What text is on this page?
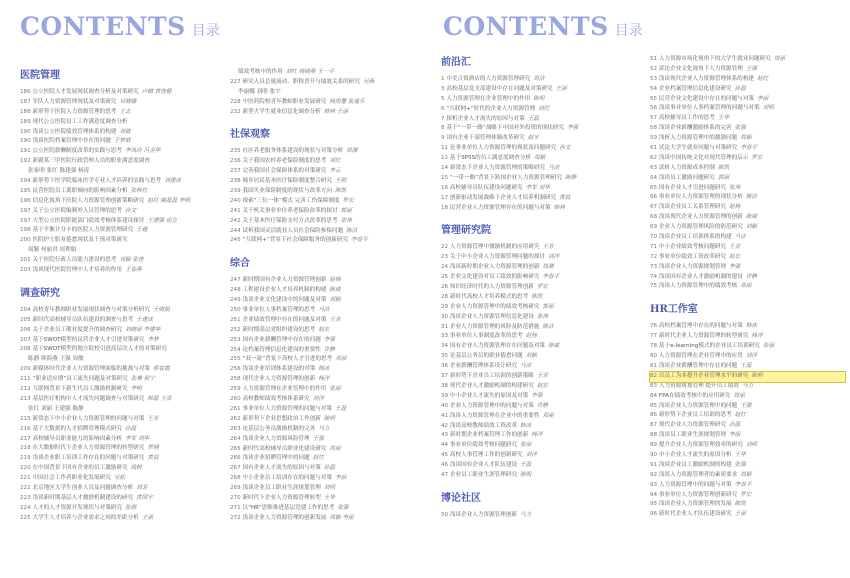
CONTENTS 目录
医院管理
186 公立医院人才发展现状调查分析及对策研究 卢鹤 黄佳健
187 军队人力资源管理现状及对策研究 吴晓娜
188 新形势下医院人力资源管理的思考 王志
189 现代公立医院员工工作满意度调查分析
190 浅谈公立医院绩效管理体系的构建 刘敏
190 浅谈医院档案管理中存在的问题 于梦晗
191 公立医院薪酬制度改革的实践与思考 李凤玲 冯金华
192 新疆某三甲医院行政管理人员的职业满意度调查
张家明 张红 陈建强 杨涛
194 新形势下医学院临床医学专业人才培养的实践与思考 刘建成
195 民营医院员工离职倾向的影响因素分析 张秋红
196 信息化视角下医院人力资源管理创新策略研究 赵红 姚磊磊 李明
197 关于公立医院编制外人员管理的思考 孙文
197 大型公立医院职能部门绩效考核体系建设探讨 王建强 徐立
198 基于平衡计分卡的医院人力资源管理研究 王越
200 医院护士职业倦怠现状及干预对策研究
周颖 何丽君 周利娟
201 关于医院行政人员能力建设的思考 刘颖 张佳
203 浅谈现代医院管理中人才培养的作用 王春燕
调查研究
204 高校青年教师职业发展现状调查与对策分析研究 王晓娟
205 新时代高校辅导员队伍建设的调查与思考 王建成
206 关于企业员工敬业度提升的调查研究 刘晓丽 李建华
207 基于SWOT模型的民营企业人才引进对策研究 李梦
208 基于SWOT模型的地方院校引进高层次人才的对策研究
陈静 韩海燕 王强 周敏
209 新媒体时代企业人力资源管理面临的挑战与对策 蔡春霞
211 “职业适应期”员工流失问题及对策研究 张琳 侯宁
212 互联网背景下新生代员工激励机制研究 李明
213 基层医疗机构中人才流失问题调查与对策研究 韩磊 王浩
张红 刘丽 王建强 陈静
215 新常态下中小企业人力资源管理的问题与对策 王芳
216 基于大数据的人才招聘管理模式研究 孙磊
217 高校辅导员职业能力的影响因素分析 李军 刘华
218 在大数据时代下企业人力资源管理的转型研究 罗晓
219 浅谈企业职工培训工作存在的问题与对策研究 黄晨
220 在中国背景下国有企业的员工激励研究 钱树
221 中国社会工作者职业化发展研究 吴松
222 北京地区大学生创业人员及问题调查分析 刘芳
223 浅谈新时期基层人才激励机制建设的研究 黄国宇
224 人才的人才资源开发现状与对策研究 张晓
225 大学生人才培养与企业需求之间的差距分析 王丽
绩效考核中的作用 刘红 杨晓燕 王一平
227 研究人员总量流动、职称晋升与绩效关系的研究 吴燕
李丽娜 刘明 张宇
228 中医药院校青年教师职业发展研究 杨雨馨 张道乐
232 新型大学生就业信息化调查分析 韩林 王丽
社保观察
235 社区养老服务体系建设的现状与对策分析 周渊
236 关于我国农村养老保险制度的思考 刘红
237 完善我国社会保障体系的对策研究 李云
238 城乡居民基本医疗保险制度整合研究 王明
239 我国失业保险制度的现状与改革方向 陈凯
240 探索“三位一体”模式 完善工伤保障制度 罗宏
241 关于机关事业单位养老保险改革的探讨 郭丽
242 关于基本医疗保险支付方式改革的思考 张伟
244 试析我国灵活就业人员社会保险参保问题 陈洁
245 “互联网+”背景下社会保障服务的创新研究 李春平
综合
247 新时期国有企业人力资源管理创新 赵杨
248 工程建设企业人才培养机制的构建 陈威
249 浅谈企业文化建设中的问题及对策 刘颖
250 事业单位人事档案管理的思考 马洁
251 企业绩效管理中存在的问题及对策 王芳
252 新时期基层党组织建设的思考 赵宏
253 国有企业薪酬管理中存在的问题 李强
254 论档案管理信息化建设的重要性 许静
255 “双一流”背景下高校人才引进的思考 邓丽
256 浅谈企业培训体系建设的对策 韩冰
258 现代企业人力资源管理的创新 杨洋
259 人力资源管理在企业管理中的作用 张丽
260 高校教师绩效考核体系研究 刘洋
261 事业单位人力资源管理的问题与对策 王磊
262 新形势下企业思想政治工作创新 陈明
263 论基层公务员激励机制的完善 马力
264 浅谈企业人力资源风险管理 王强
265 新时代高校辅导员职业化建设研究 周丽
266 浅谈企业招聘管理中的问题 赵红
267 国有企业人才流失的原因与对策 孙磊
268 中小企业员工培训存在的问题与对策 李丽
269 浅谈企业员工职业生涯规划管理 刘明
270 新时代下企业人力资源管理转型 王华
271 以“HR”思维推进基层党建工作的思考 张强
272 浅谈企业人力资源管理的创新发展 周颖 李丽
CONTENTS 目录
前沿汇
1 中美合资酒店的人力资源管理研究 周洁
3 高校基层党支部建设中存在问题及对策研究 王丽
5 人力资源管理在企业管理中的作用 陈明
6 “互联网+”时代的企业人力资源管理 刘红
7 探析企业人才流失的原因与对策 王磊
8 基于“一带一路”战略下中国对外投资的现状研究 李强
9 国有企业干部管理体制改革研究 赵宇
11 论事业单位人力资源管理的现状及问题研究 孙文
12 基于SPSS的员工满意度调查分析 周颖
14 新常态下企业人力资源管理的策略研究 马洁
15 “一带一路”背景下跨国企业人力资源管理研究 陈静
16 高校辅导员队伍建设问题研究 李军 刘华
17 创新驱动发展战略下企业人才培养机制研究 黄晨
18 民营企业人力资源管理存在的问题与对策 韩林
管理研究院
22 人力资源管理中激励机制的应用研究 王芳
23 关于中小企业人力资源管理问题的探讨 刘洋
24 浅谈新时期企业人力资源管理的创新 周渊
25 企业文化建设对员工绩效的影响研究 李春平
26 知识经济时代的人力资源管理创新 罗宏
28 新时代高校人才培养模式的思考 陈凯
29 企业人力资源管理中的绩效考核研究 郭丽
30 浅谈企业人力资源管理信息化建设 张伟
31 企业人力资源管理的风险及防范措施 陈洁
33 事业单位人事制度改革的思考 赵杨
34 国有企业人力资源管理存在问题及对策 陈威
35 论基层公务员的职业倦怠问题 刘颖
36 企业薪酬管理体系设计研究 马洁
37 新形势下企业员工培训的创新策略 王芳
38 现代企业人才激励机制的构建研究 赵宏
39 中小企业人才流失的原因及对策 李强
40 企业人力资源管理中的问题与对策 许静
41 浅谈人力资源管理在企业中的重要性 邓丽
42 浅谈高校教师绩效工资改革 韩冰
43 新时期企业档案管理工作的创新 杨洋
44 事业单位绩效考核问题研究 张丽
45 高校人事管理工作的创新研究 刘洋
46 浅谈国有企业人才队伍建设 王磊
47 企业员工职业生涯管理研究 陈明
博论社区
50 浅谈企业人力资源管理创新 马力
51 人力资源市场化视角下的大学生就业问题研究 周丽
52 试论企业文化视角下人力资源管理 王强
53 浅谈现代企业人力资源管理体系的构建 赵红
54 企业档案管理信息化建设研究 孙磊
55 民营企业文化建设中存在的问题与对策 李丽
56 浅谈事业单位人事档案管理的问题与对策 刘明
57 高校辅导员工作的思考 王华
58 浅谈企业薪酬激励体系的完善 张强
59 浅析人力资源管理中的激励问题 周颖
61 试论大学生就业问题与对策研究 李春平
62 浅谈中国传统文化对现代管理的启示 罗宏
63 试析人力资源成本控制 陈凯
64 浅谈员工激励问题研究 郭丽
65 国有企业人才引进问题研究 张伟
66 事业单位人力资源管理的现状分析 陈洁
67 浅谈企业员工关系管理研究 赵杨
68 浅谈现代企业人力资源管理的创新 陈威
69 企业人力资源管理风险的防范研究 刘颖
70 浅谈企业员工培训体系的构建 马洁
71 中小企业绩效考核问题研究 王芳
72 事业单位绩效工资改革研究 赵宏
73 浅谈企业人力资源规划管理 李强
74 浅谈国有企业人才激励机制的建设 许静
75 浅谈人力资源管理中的绩效考核 邓丽
HR工作室
76 高校档案管理中存在的问题与对策 韩冰
77 新时代企业人力资源管理的转型研究 杨洋
78 基于e-learning模式的企业员工培训研究 张丽
80 人力资源管理在企业管理中的应用 刘洋
81 浅谈企业薪酬管理中存在的问题 王磊
82 以员工为本提升企业管理水平的研究 陈明
83 人力资源规划管理 提升员工绩效 马力
84 FPA在绩效考核中的应用研究 周丽
85 浅谈企业人力资源管理中的问题 王强
86 新形势下企业员工培训的思考 赵红
87 现代企业人力资源管理研究 孙磊
88 浅谈员工职业生涯规划管理 李丽
89 提升企业人力资源管理效率的研究 刘明
90 中小企业人才流失的原因分析 王华
91 浅谈企业员工激励机制的构建 张强
92 浅谈人力资源管理者的素质要求 周颖
93 人力资源管理中的问题与对策 李春平
94 事业单位人力资源管理创新研究 罗宏
95 浅谈企业人力资源管理的发展 陈凯
96 新时代企业人才队伍建设研究 王丽
